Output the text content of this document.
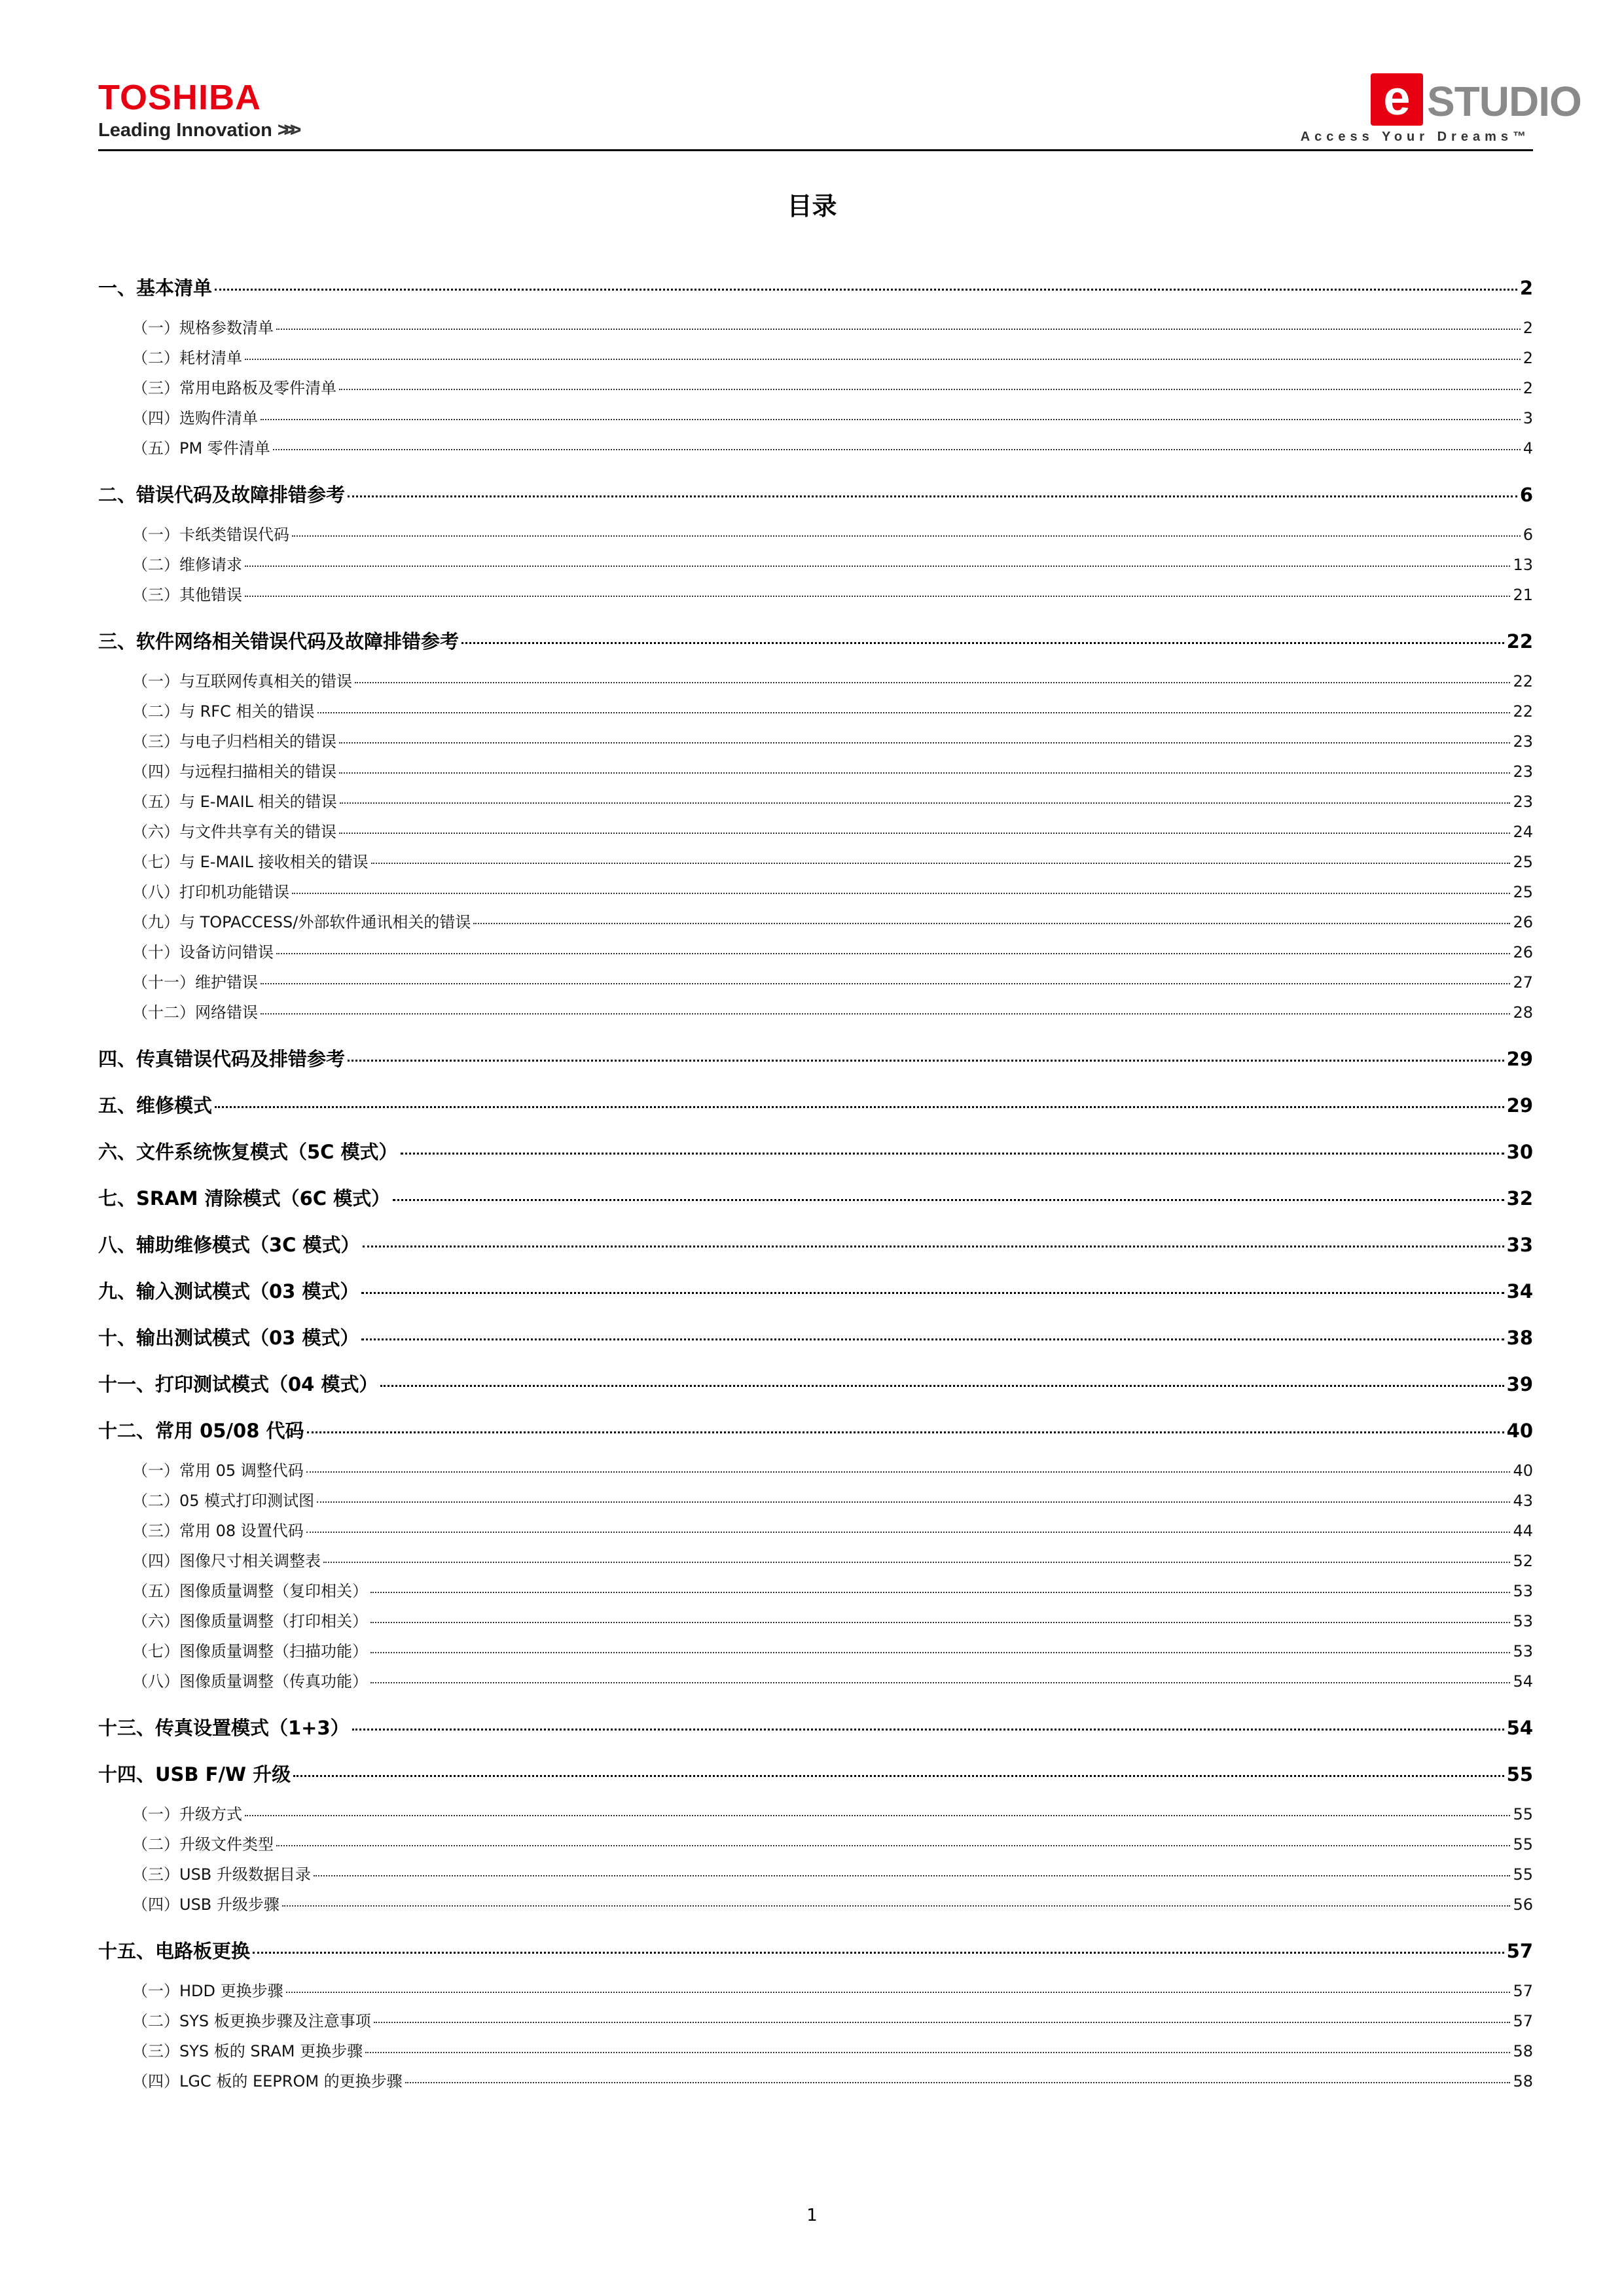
TOSHIBA
Leading Innovation >>>
e STUDIO
Access Your Dreams™
目录
一、基本清单	2
（一）规格参数清单	2
（二）耗材清单	2
（三）常用电路板及零件清单	2
（四）选购件清单	3
（五）PM 零件清单	4
二、错误代码及故障排错参考	6
（一）卡纸类错误代码	6
（二）维修请求	13
（三）其他错误	21
三、软件网络相关错误代码及故障排错参考	22
（一）与互联网传真相关的错误	22
（二）与 RFC 相关的错误	22
（三）与电子归档相关的错误	23
（四）与远程扫描相关的错误	23
（五）与 E-MAIL 相关的错误	23
（六）与文件共享有关的错误	24
（七）与 E-MAIL 接收相关的错误	25
（八）打印机功能错误	25
（九）与 TOPACCESS/外部软件通讯相关的错误	26
（十）设备访问错误	26
（十一）维护错误	27
（十二）网络错误	28
四、传真错误代码及排错参考	29
五、维修模式	29
六、文件系统恢复模式（5C 模式）	30
七、SRAM 清除模式（6C 模式）	32
八、辅助维修模式（3C 模式）	33
九、输入测试模式（03 模式）	34
十、输出测试模式（03 模式）	38
十一、打印测试模式（04 模式）	39
十二、常用 05/08 代码	40
（一）常用 05 调整代码	40
（二）05 模式打印测试图	43
（三）常用 08 设置代码	44
（四）图像尺寸相关调整表	52
（五）图像质量调整（复印相关）	53
（六）图像质量调整（打印相关）	53
（七）图像质量调整（扫描功能）	53
（八）图像质量调整（传真功能）	54
十三、传真设置模式（1+3）	54
十四、USB F/W 升级	55
（一）升级方式	55
（二）升级文件类型	55
（三）USB 升级数据目录	55
（四）USB 升级步骤	56
十五、电路板更换	57
（一）HDD 更换步骤	57
（二）SYS 板更换步骤及注意事项	57
（三）SYS 板的 SRAM 更换步骤	58
（四）LGC 板的 EEPROM 的更换步骤	58
1
